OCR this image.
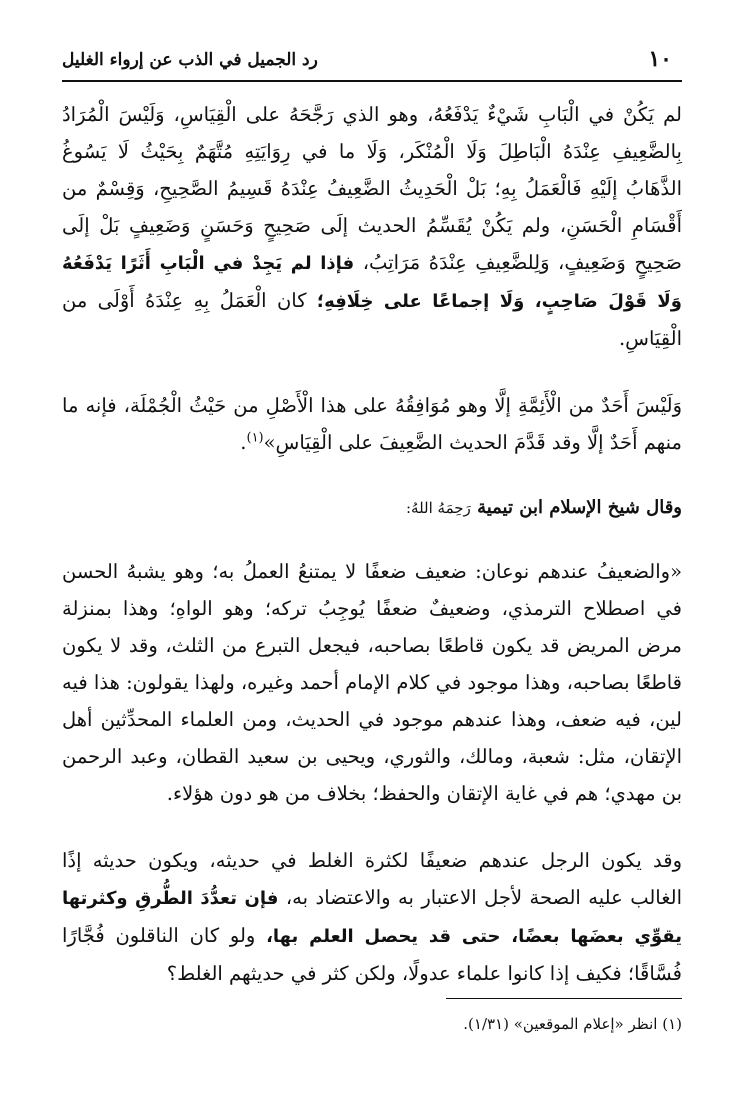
١٠
رد الجميل في الذب عن إرواء الغليل

لم يَكُنْ في الْبَابِ شَيْءٌ يَدْفَعُهُ، وهو الذي رَجَّحَهُ على الْقِيَاسِ، وَلَيْسَ الْمُرَادُ بِالضَّعِيفِ عِنْدَهُ الْبَاطِلَ وَلَا الْمُنْكَر، وَلَا ما في رِوَايَتِهِ مُتَّهَمٌ بِحَيْثُ لَا يَسُوغُ الذَّهَابُ إلَيْهِ فَالْعَمَلُ بِهِ؛ بَلْ الْحَدِيثُ الضَّعِيفُ عِنْدَهُ قَسِيمُ الصَّحِيحِ، وَقِسْمٌ من أَقْسَامِ الْحَسَنِ، ولم يَكُنْ يُقَسِّمُ الحديث إلَى صَحِيحٍ وَحَسَنٍ وَضَعِيفٍ بَلْ إلَى صَحِيحٍ وَضَعِيفٍ، وَلِلضَّعِيفِ عِنْدَهُ مَرَاتِبُ، فإذا لم يَجِدْ في الْبَابِ أَثَرًا يَدْفَعُهُ وَلَا قَوْلَ صَاحِبٍ، وَلَا إجماعًا على خِلَافِهِ؛ كان الْعَمَلُ بِهِ عِنْدَهُ أَوْلَى من الْقِيَاسِ.

وَلَيْسَ أَحَدٌ من الْأَئِمَّةِ إلَّا وهو مُوَافِقُهُ على هذا الْأَصْلِ من حَيْثُ الْجُمْلَة، فإنه ما منهم أَحَدٌ إلَّا وقد قَدَّمَ الحديث الضَّعِيفَ على الْقِيَاسِ»$^{(١)}$.

وقال شيخ الإسلام ابن تيمية رَحِمَهُ اللهُ:

«والضعيفُ عندهم نوعان: ضعيف ضعفًا لا يمتنعُ العملُ به؛ وهو يشبهُ الحسن في اصطلاح الترمذي، وضعيفٌ ضعفًا يُوجِبُ تركه؛ وهو الواهِ؛ وهذا بمنزلة مرض المريض قد يكون قاطعًا بصاحبه، فيجعل التبرع من الثلث، وقد لا يكون قاطعًا بصاحبه، وهذا موجود في كلام الإمام أحمد وغيره، ولهذا يقولون: هذا فيه لين، فيه ضعف، وهذا عندهم موجود في الحديث، ومن العلماء المحدِّثين أهل الإتقان، مثل: شعبة، ومالك، والثوري، ويحيى بن سعيد القطان، وعبد الرحمن بن مهدي؛ هم في غاية الإتقان والحفظ؛ بخلاف من هو دون هؤلاء.

وقد يكون الرجل عندهم ضعيفًا لكثرة الغلط في حديثه، ويكون حديثه إذًا الغالب عليه الصحة لأجل الاعتبار به والاعتضاد به، فإن تعدُّدَ الطُّرقِ وكثرتها يقوِّي بعضَها بعضًا، حتى قد يحصل العلم بها، ولو كان الناقلون فُجَّارًا فُسَّاقًا؛ فكيف إذا كانوا علماء عدولًا، ولكن كثر في حديثهم الغلط؟

(١) انظر «إعلام الموقعين» (١/٣١).
